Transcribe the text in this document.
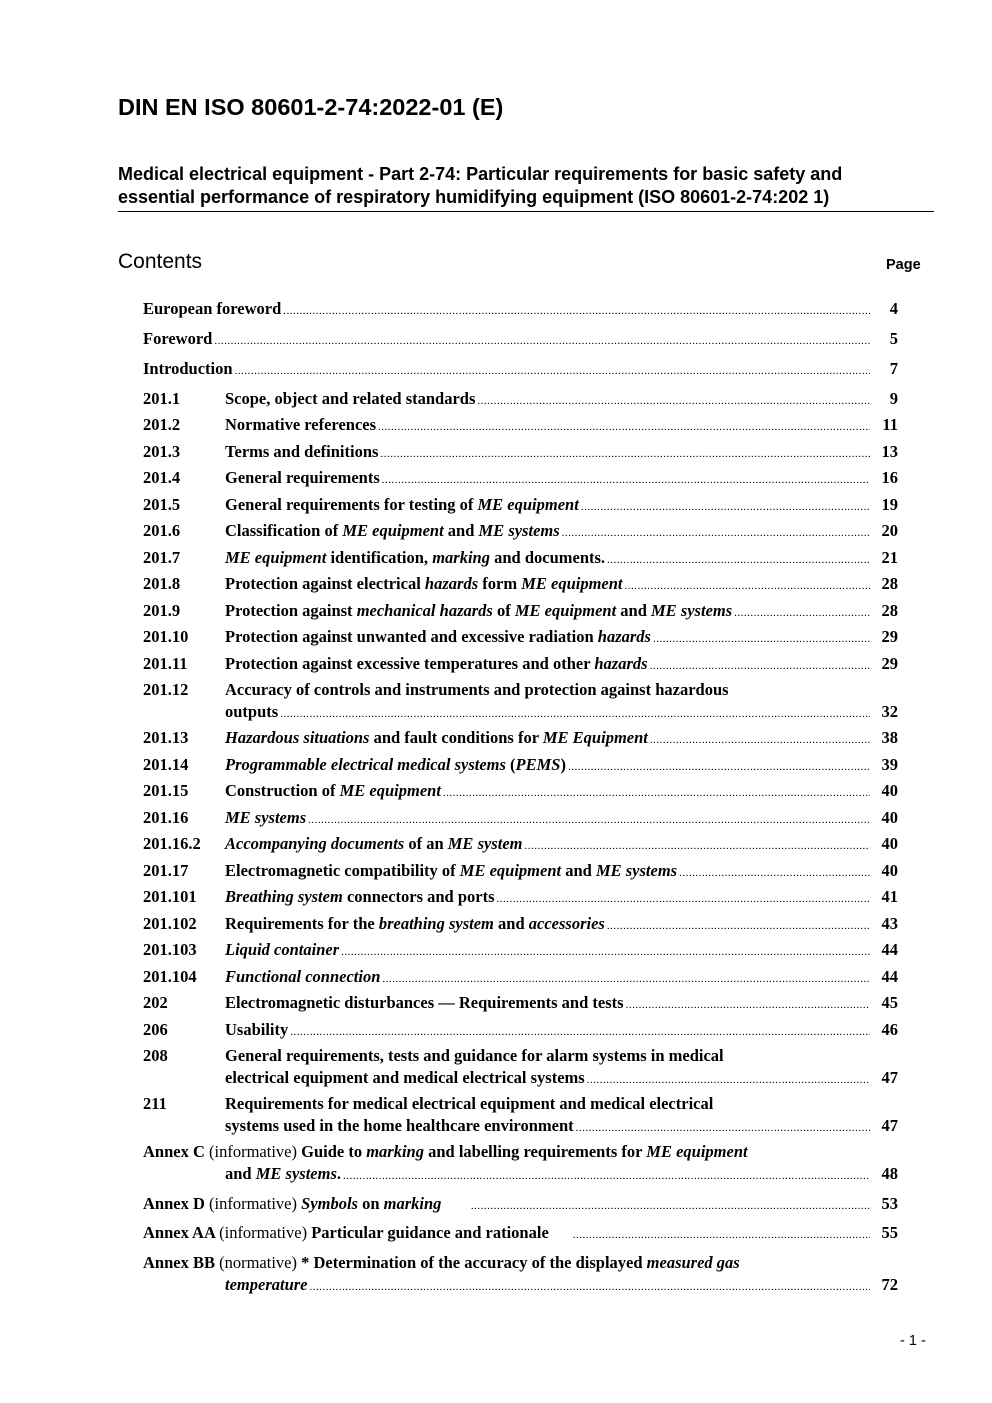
DIN EN ISO 80601-2-74:2022-01 (E)
Medical electrical equipment - Part 2-74: Particular requirements for basic safety and
essential performance of respiratory humidifying equipment (ISO 80601-2-74:202 1)
Contents	Page
European foreword .....	4
Foreword .....	5
Introduction .....	7
201.1	Scope, object and related standards .....	9
201.2	Normative references .....	11
201.3	Terms and definitions .....	13
201.4	General requirements .....	16
201.5	General requirements for testing of ME equipment .....	19
201.6	Classification of ME equipment and ME systems .....	20
201.7	ME equipment identification, marking and documents. .....	21
201.8	Protection against electrical hazards form ME equipment .....	28
201.9	Protection against mechanical hazards of ME equipment and ME systems .....	28
201.10 Protection against unwanted and excessive radiation hazards .....	29
201.11 Protection against excessive temperatures and other hazards .....	29
201.12 Accuracy of controls and instruments and protection against hazardous
outputs .....	32
201.13 Hazardous situations and fault conditions for ME Equipment .....	38
201.14 Programmable electrical medical systems (PEMS) .....	39
201.15 Construction of ME equipment .....	40
201.16 ME systems .....	40
201.16.2 Accompanying documents of an ME system .....	40
201.17 Electromagnetic compatibility of ME equipment and ME systems .....	40
201.101 Breathing system connectors and ports .....	41
201.102 Requirements for the breathing system and accessories .....	43
201.103 Liquid container .....	44
201.104 Functional connection .....	44
202	Electromagnetic disturbances — Requirements and tests .....	45
206	Usability .....	46
208	General requirements, tests and guidance for alarm systems in medical
electrical equipment and medical electrical systems .....	47
211	Requirements for medical electrical equipment and medical electrical
systems used in the home healthcare environment .....	47
Annex C (informative) Guide to marking and labelling requirements for ME equipment
and ME systems. .....	48
Annex D (informative) Symbols on marking .....	53
Annex AA (informative) Particular guidance and rationale .....	55
Annex BB (normative) * Determination of the accuracy of the displayed measured gas
temperature .....	72
- 1 -
